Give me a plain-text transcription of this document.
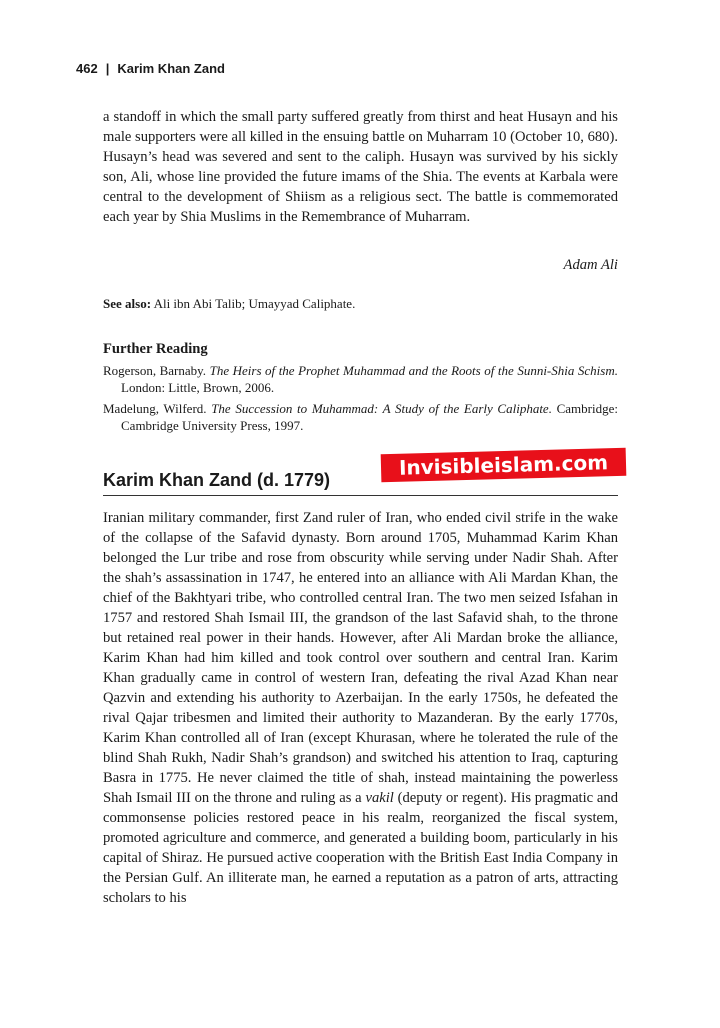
462 | Karim Khan Zand

a standoff in which the small party suffered greatly from thirst and heat Husayn and his male supporters were all killed in the ensuing battle on Muharram 10 (October 10, 680). Husayn’s head was severed and sent to the caliph. Husayn was survived by his sickly son, Ali, whose line provided the future imams of the Shia. The events at Karbala were central to the development of Shiism as a religious sect. The battle is commemorated each year by Shia Muslims in the Remembrance of Muharram.

Adam Ali
See also: Ali ibn Abi Talib; Umayyad Caliphate.
Further Reading
Rogerson, Barnaby. The Heirs of the Prophet Muhammad and the Roots of the Sunni-Shia Schism. London: Little, Brown, 2006.
Madelung, Wilferd. The Succession to Muhammad: A Study of the Early Caliphate. Cambridge: Cambridge University Press, 1997.
Karim Khan Zand (d. 1779)
Invisibleislam.com

Iranian military commander, first Zand ruler of Iran, who ended civil strife in the wake of the collapse of the Safavid dynasty. Born around 1705, Muhammad Karim Khan belonged the Lur tribe and rose from obscurity while serving under Nadir Shah. After the shah’s assassination in 1747, he entered into an alliance with Ali Mardan Khan, the chief of the Bakhtyari tribe, who controlled central Iran. The two men seized Isfahan in 1757 and restored Shah Ismail III, the grandson of the last Safavid shah, to the throne but retained real power in their hands. However, after Ali Mardan broke the alliance, Karim Khan had him killed and took control over southern and central Iran. Karim Khan gradually came in control of western Iran, defeating the rival Azad Khan near Qazvin and extending his authority to Azerbaijan. In the early 1750s, he defeated the rival Qajar tribesmen and limited their authority to Mazanderan. By the early 1770s, Karim Khan controlled all of Iran (except Khurasan, where he tolerated the rule of the blind Shah Rukh, Nadir Shah’s grandson) and switched his attention to Iraq, capturing Basra in 1775. He never claimed the title of shah, instead maintaining the powerless Shah Ismail III on the throne and ruling as a vakil (deputy or regent). His pragmatic and commonsense policies restored peace in his realm, reorganized the fiscal system, promoted agriculture and commerce, and generated a building boom, particularly in his capital of Shiraz. He pursued active cooperation with the British East India Company in the Persian Gulf. An illiterate man, he earned a reputation as a patron of arts, attracting scholars to his
